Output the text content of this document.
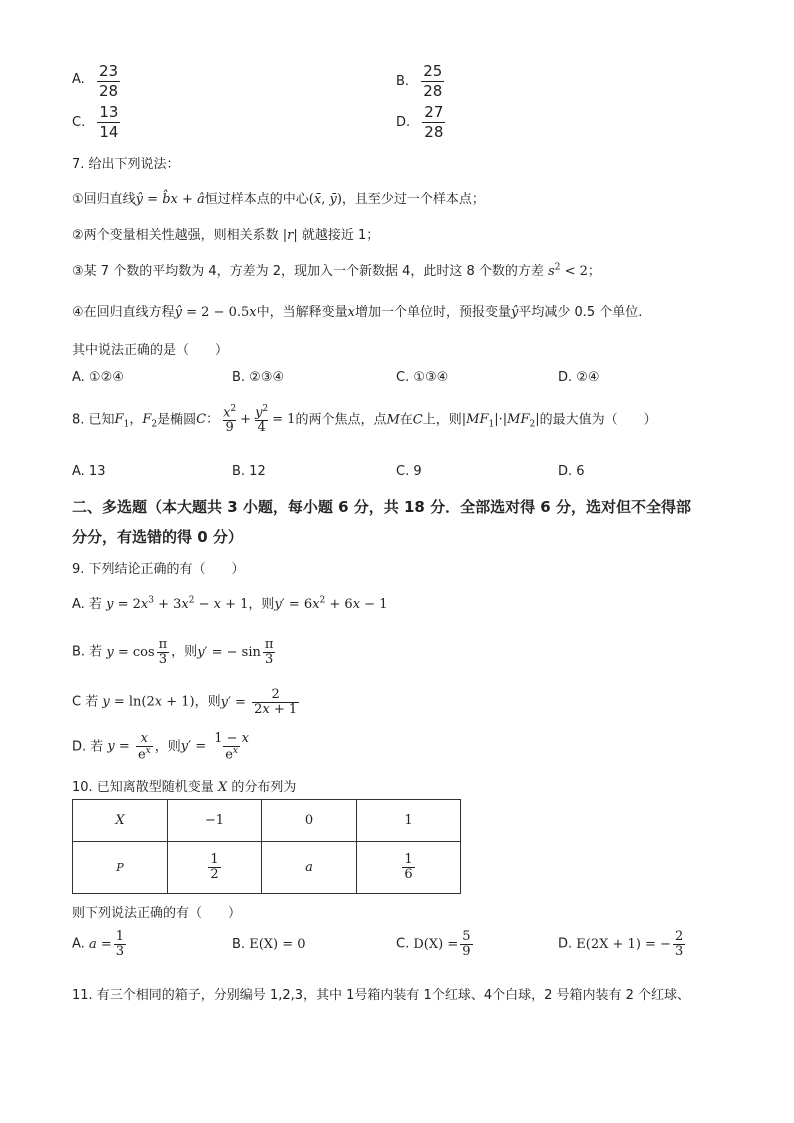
A. $\frac{23}{28}$	B. $\frac{25}{28}$
C. $\frac{13}{14}$	D. $\frac{27}{28}$
7. 给出下列说法：
①回归直线ŷ = b̂x + â恒过样本点的中心(x̄, ȳ)，且至少过一个样本点；
②两个变量相关性越强，则相关系数 |r| 就越接近 1；
③某 7 个数的平均数为 4，方差为 2，现加入一个新数据 4，此时这 8 个数的方差 $s^2 < 2$；
④在回归直线方程ŷ = 2 − 0.5x中，当解释变量x增加一个单位时，预报变量ŷ平均减少 0.5 个单位.
其中说法正确的是（　　）
A. ①②④	B. ②③④	C. ①③④	D. ②④
8. 已知$F_1$，$F_2$是椭圆C： $\frac{x^2}{9} + \frac{y^2}{4} = 1$的两个焦点，点M在C上，则$|MF_1|\cdot|MF_2|$的最大值为（　　）
A. 13	B. 12	C. 9	D. 6
二、多选题（本大题共 3 小题，每小题 6 分，共 18 分．全部选对得 6 分，选对但不全得部
分分，有选错的得 0 分）
9. 下列结论正确的有（　　）
A. 若 $y = 2x^3 + 3x^2 - x + 1$，则$y' = 6x^2 + 6x - 1$
B. 若 $y = \cos \frac{\pi}{3}$ ，则y′ = − $\sin \frac{\pi}{3}$
C 若 y = ln(2x + 1)，则$y' = \frac{2}{2x + 1}$
D. 若 $y = \frac{x}{e^x}$ ，则$y' = \frac{1 - x}{e^x}$
10. 已知离散型随机变量 X 的分布列为
X	−1	0	1
P	$\frac{1}{2}$	a	$\frac{1}{6}$
则下列说法正确的有（　　）
A. $a = \frac{1}{3}$	B. E(X) = 0	C. $D(X) = \frac{5}{9}$	D. E(2X + 1) = − $\frac{2}{3}$
11. 有三个相同的箱子，分别编号 1,2,3，其中 1号箱内装有 1个红球、4个白球，2 号箱内装有 2 个红球、
